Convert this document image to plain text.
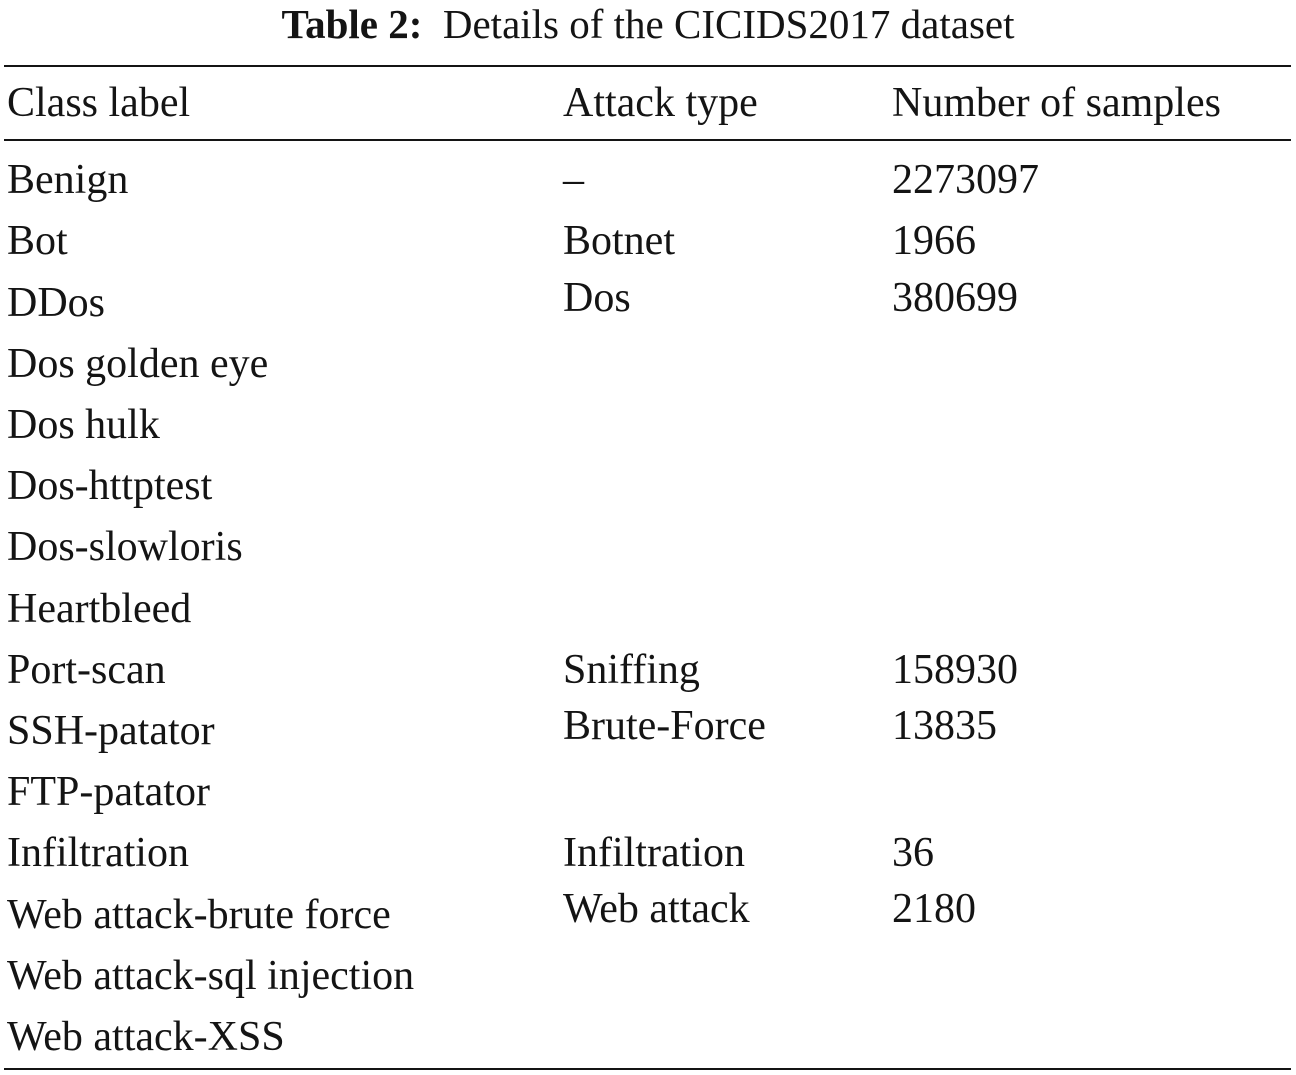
Table 2: Details of the CICIDS2017 dataset
Class label	Attack type	Number of samples
Benign
Bot
DDos
Dos golden eye
Dos hulk
Dos-httptest
Dos-slowloris
Heartbleed
Port-scan
SSH-patator
FTP-patator
Infiltration
Web attack-brute force
Web attack-sql injection
Web attack-XSS
–
Botnet
Dos
Sniffing
Brute-Force
Infiltration
Web attack
2273097
1966
380699
158930
13835
36
2180
